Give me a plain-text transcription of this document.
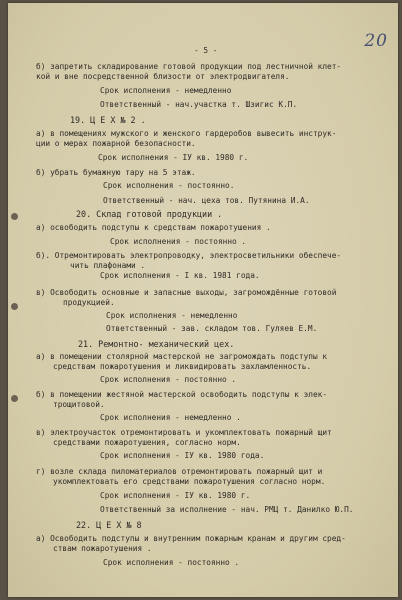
20
- 5 -
б) запретить складирование готовой продукции под лестничной клет-
кой и вне посредственной близости от электродвигателя.
Срок исполнения - немедленно
Ответственный - нач.участка т. Шзигис К.П.
19. Ц Е Х № 2 .
а) в помещениях мужского и женского гардеробов вывесить инструк-
ции о мерах пожарной безопасности.
Срок исполнения - IУ кв. 1980 г.
б) убрать бумажную тару на 5 этаж.
Срок исполнения - постоянно.
Ответственный - нач. цеха тов. Путянина И.А.
20. Склад готовой продукции .
а) освободить подступы к средствам пожаротушения .
Срок исполнения - постоянно .
б). Отремонтировать электропроводку, электросветильники обеспече-
чить плафонами .
Срок исполнения - I кв. 1981 года.
в) Освободить основные и запасные выходы, загромождённые готовой
продукцией.
Срок исполнения - немедленно
Ответственный - зав. складом тов. Гуляев Е.М.
21. Ремонтно- механический цех.
а) в помещении столярной мастерской не загромождать подступы к
средствам пожаротушения и ликвидировать захламленность.
Срок исполнения - постоянно .
б) в помещении жестяной мастерской освободить подступы к элек-
трощитовой.
Срок исполнения - немедленно .
в) электроучасток отремонтировать и укомплектовать пожарный щит
средствами пожаротушения, согласно норм.
Срок исполнения - IУ кв. 1980 года.
г) возле склада пиломатериалов отремонтировать пожарный щит и
укомплектовать его средствами пожаротушения согласно норм.
Срок исполнения - IУ кв. 1980 г.
Ответственный за исполнение - нач. РМЦ т. Данилко Ю.П.
22. Ц Е Х № 8
а) Освободить подступы и внутренним пожарным кранам и другим сред-
ствам пожаротушения .
Срок исполнения - постоянно .
